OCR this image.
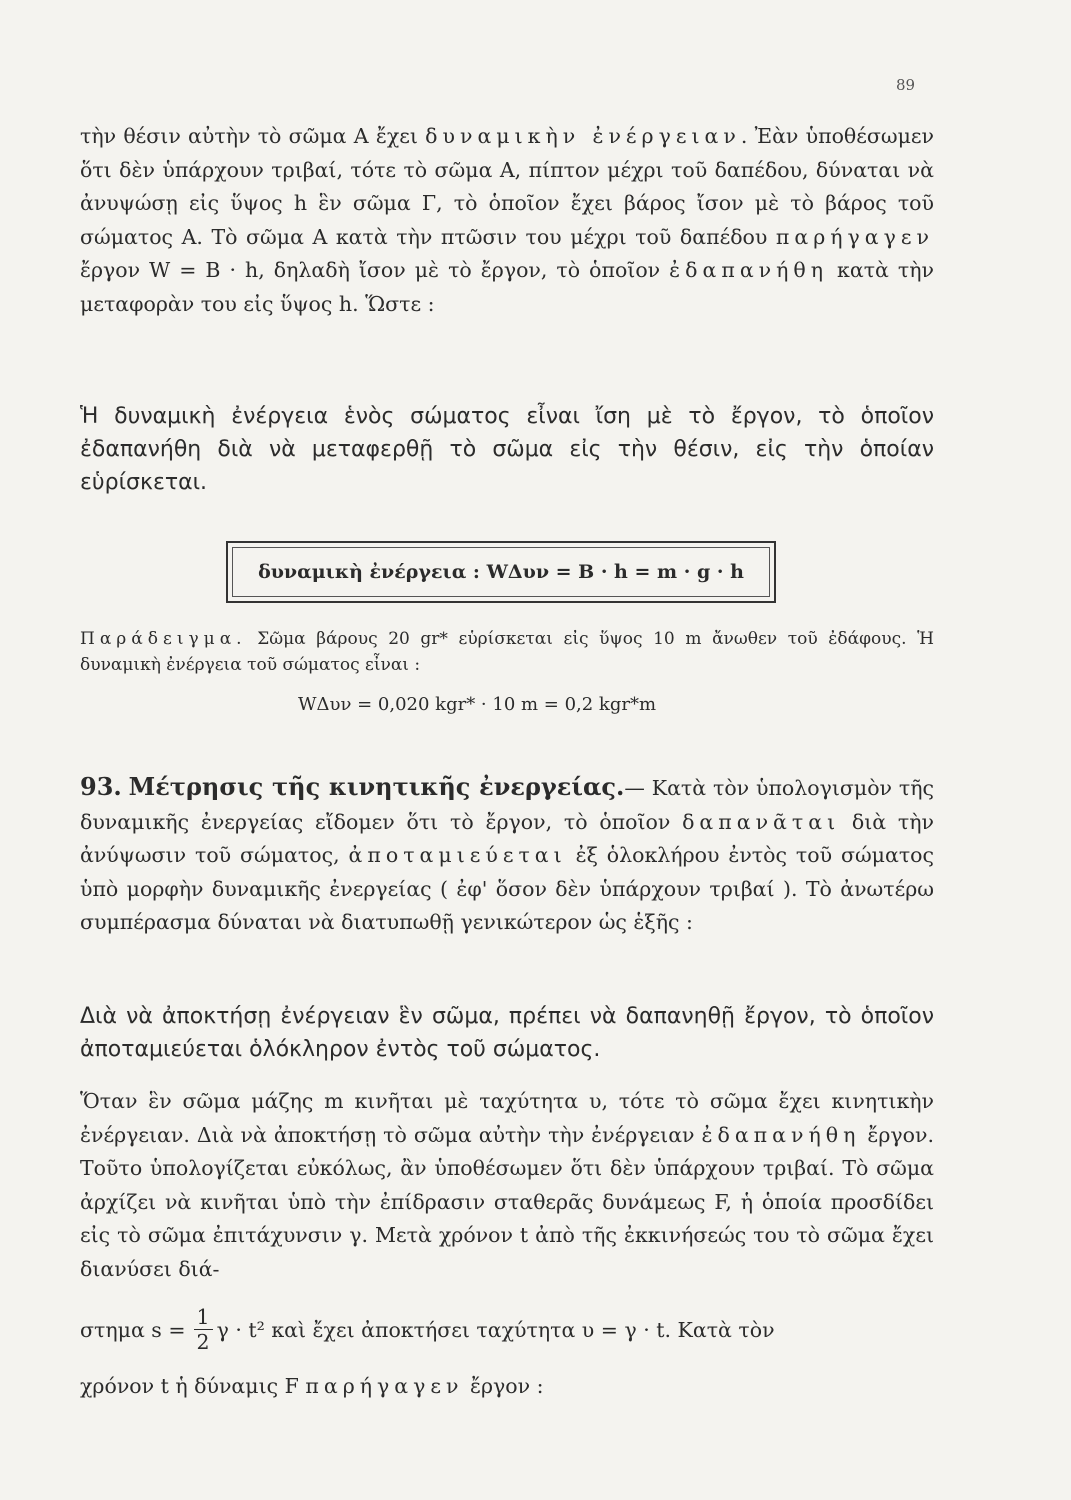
89

τὴν θέσιν αὐτὴν τὸ σῶμα Α ἔχει δυναμικὴν ἐνέργειαν. Ἐὰν ὑποθέσωμεν ὅτι δὲν ὑπάρχουν τριβαί, τότε τὸ σῶμα Α, πίπτον μέχρι τοῦ δαπέδου, δύναται νὰ ἀνυψώσῃ εἰς ὕψος h ἓν σῶμα Γ, τὸ ὁποῖον ἔχει βάρος ἴσον μὲ τὸ βάρος τοῦ σώματος Α. Τὸ σῶμα Α κατὰ τὴν πτῶσιν του μέχρι τοῦ δαπέδου παρήγαγεν ἔργον W = B · h, δηλαδὴ ἴσον μὲ τὸ ἔργον, τὸ ὁποῖον ἐδαπανήθη κατὰ τὴν μεταφορὰν του εἰς ὕψος h. Ὥστε :

Ἡ δυναμικὴ ἐνέργεια ἑνὸς σώματος εἶναι ἴση μὲ τὸ ἔργον, τὸ ὁποῖον ἐδαπανήθη διὰ νὰ μεταφερθῇ τὸ σῶμα εἰς τὴν θέσιν, εἰς τὴν ὁποίαν εὑρίσκεται.

δυναμικὴ ἐνέργεια : WΔυν = B · h = m · g · h

Παράδειγμα. Σῶμα βάρους 20 gr* εὑρίσκεται εἰς ὕψος 10 m ἄνωθεν τοῦ ἐδάφους. Ἡ δυναμικὴ ἐνέργεια τοῦ σώματος εἶναι :

WΔυν = 0,020 kgr* · 10 m = 0,2 kgr*m

93. Μέτρησις τῆς κινητικῆς ἐνεργείας.— Κατὰ τὸν ὑπολογισμὸν τῆς δυναμικῆς ἐνεργείας εἴδομεν ὅτι τὸ ἔργον, τὸ ὁποῖον δαπανᾶται διὰ τὴν ἀνύψωσιν τοῦ σώματος, ἀποταμιεύεται ἐξ ὁλοκλήρου ἐντὸς τοῦ σώματος ὑπὸ μορφὴν δυναμικῆς ἐνεργείας ( ἐφ' ὅσον δὲν ὑπάρχουν τριβαί ). Τὸ ἀνωτέρω συμπέρασμα δύναται νὰ διατυπωθῇ γενικώτερον ὡς ἑξῆς :

Διὰ νὰ ἀποκτήσῃ ἐνέργειαν ἓν σῶμα, πρέπει νὰ δαπανηθῇ ἔργον, τὸ ὁποῖον ἀποταμιεύεται ὁλόκληρον ἐντὸς τοῦ σώματος.

Ὅταν ἓν σῶμα μάζης m κινῆται μὲ ταχύτητα υ, τότε τὸ σῶμα ἔχει κινητικὴν ἐνέργειαν. Διὰ νὰ ἀποκτήσῃ τὸ σῶμα αὐτὴν τὴν ἐνέργειαν ἐδαπανήθη ἔργον. Τοῦτο ὑπολογίζεται εὐκόλως, ἂν ὑποθέσωμεν ὅτι δὲν ὑπάρχουν τριβαί. Τὸ σῶμα ἀρχίζει νὰ κινῆται ὑπὸ τὴν ἐπίδρασιν σταθερᾶς δυνάμεως F, ἡ ὁποία προσδίδει εἰς τὸ σῶμα ἐπιτάχυνσιν γ. Μετὰ χρόνον t ἀπὸ τῆς ἐκκινήσεώς του τὸ σῶμα ἔχει διανύσει διά-

στημα $s = \frac{1}{2}$ γ · t² καὶ ἔχει ἀποκτήσει ταχύτητα υ = γ · t. Κατὰ τὸν
χρόνον t ἡ δύναμις F παρήγαγεν ἔργον :
